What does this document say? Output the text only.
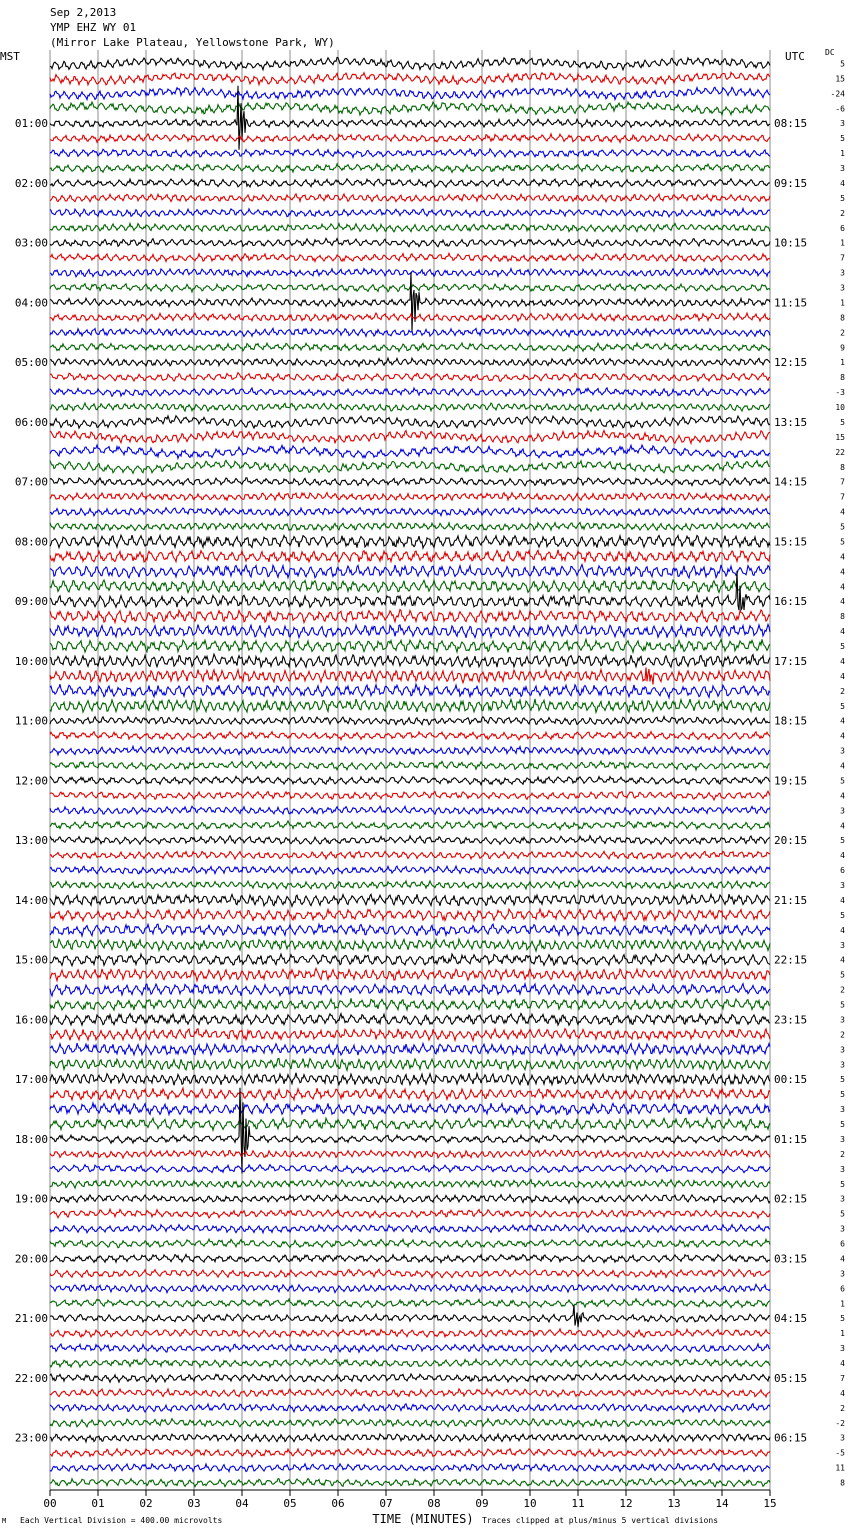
Sep 2,2013
YMP EHZ WY 01
(Mirror Lake Plateau, Yellowstone Park, WY)
5
15
-24
-6
3
5
1
3
4
5
2
6
1
7
3
3
1
8
2
9
1
8
-3
10
5
15
22
8
7
7
4
5
5
4
4
4
4
8
4
5
4
4
2
5
4
4
3
4
5
4
3
4
5
4
6
3
4
5
4
3
4
5
2
5
3
2
3
3
5
5
3
5
3
2
3
5
3
5
3
6
4
3
6
1
5
1
3
4
7
4
2
-2
3
-5
11
8
01:00	08:15
02:00	09:15
03:00	10:15
04:00	11:15
05:00	12:15
06:00	13:15
07:00	14:15
08:00	15:15
09:00	16:15
10:00	17:15
11:00	18:15
12:00	19:15
13:00	20:15
14:00	21:15
15:00	22:15
16:00	23:15
17:00	00:15
18:00	01:15
19:00	02:15
20:00	03:15
21:00	04:15
22:00	05:15
23:00	06:15
MST	UTC	DC
00	01	02	03	04	05	06	07	08	09	10	11	12	13	14	15
TIME (MINUTES)
Each Vertical Division = 400.00 microvolts	Traces clipped at plus/minus 5 vertical divisions
M
